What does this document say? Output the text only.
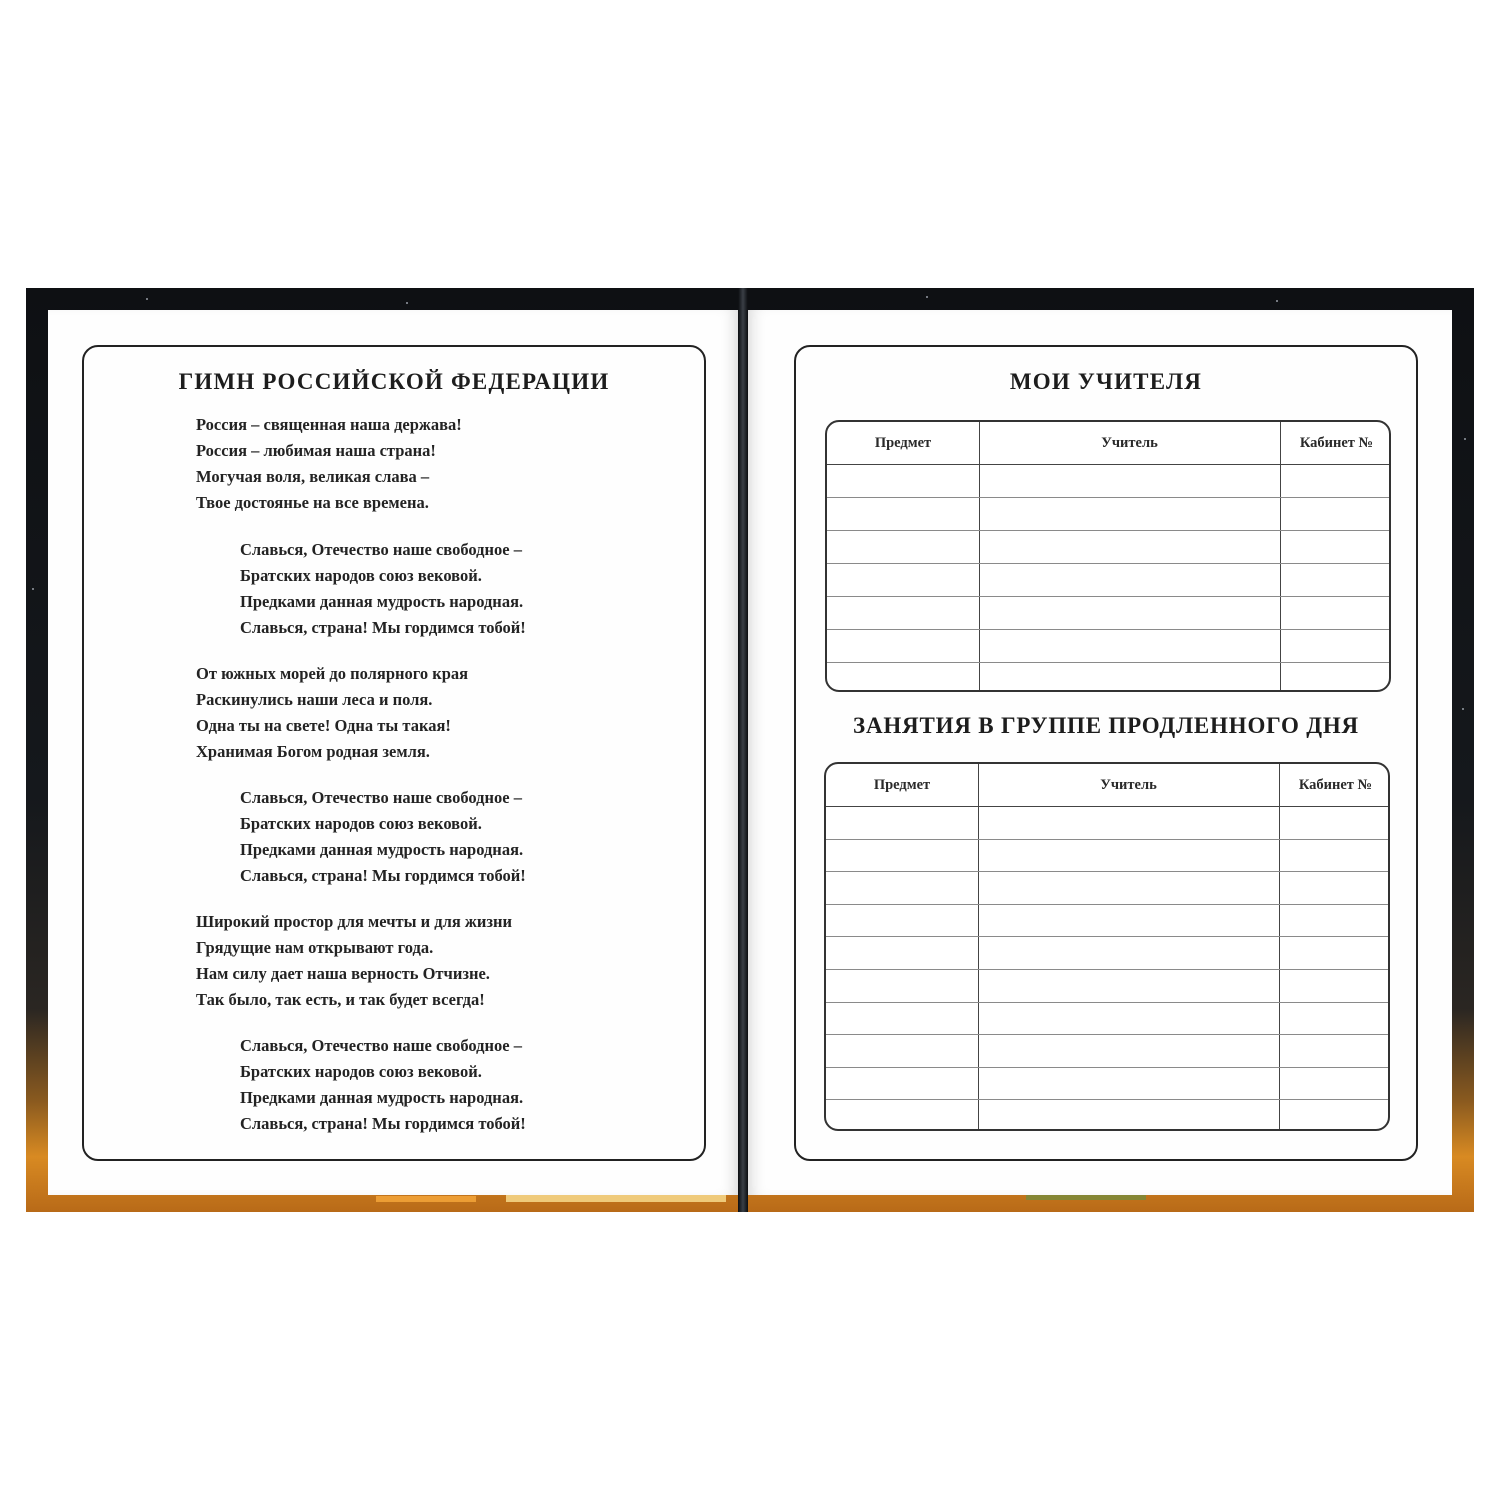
ГИМН РОССИЙСКОЙ ФЕДЕРАЦИИ
Россия – священная наша держава!
Россия – любимая наша страна!
Могучая воля, великая слава –
Твое достоянье на все времена.
Славься, Отечество наше свободное –
Братских народов союз вековой.
Предками данная мудрость народная.
Славься, страна! Мы гордимся тобой!
От южных морей до полярного края
Раскинулись наши леса и поля.
Одна ты на свете! Одна ты такая!
Хранимая Богом родная земля.
Славься, Отечество наше свободное –
Братских народов союз вековой.
Предками данная мудрость народная.
Славься, страна! Мы гордимся тобой!
Широкий простор для мечты и для жизни
Грядущие нам открывают года.
Нам силу дает наша верность Отчизне.
Так было, так есть, и так будет всегда!
Славься, Отечество наше свободное –
Братских народов союз вековой.
Предками данная мудрость народная.
Славься, страна! Мы гордимся тобой!
МОИ УЧИТЕЛЯ
Предмет	Учитель	Кабинет №
ЗАНЯТИЯ В ГРУППЕ ПРОДЛЕННОГО ДНЯ
Предмет	Учитель	Кабинет №
